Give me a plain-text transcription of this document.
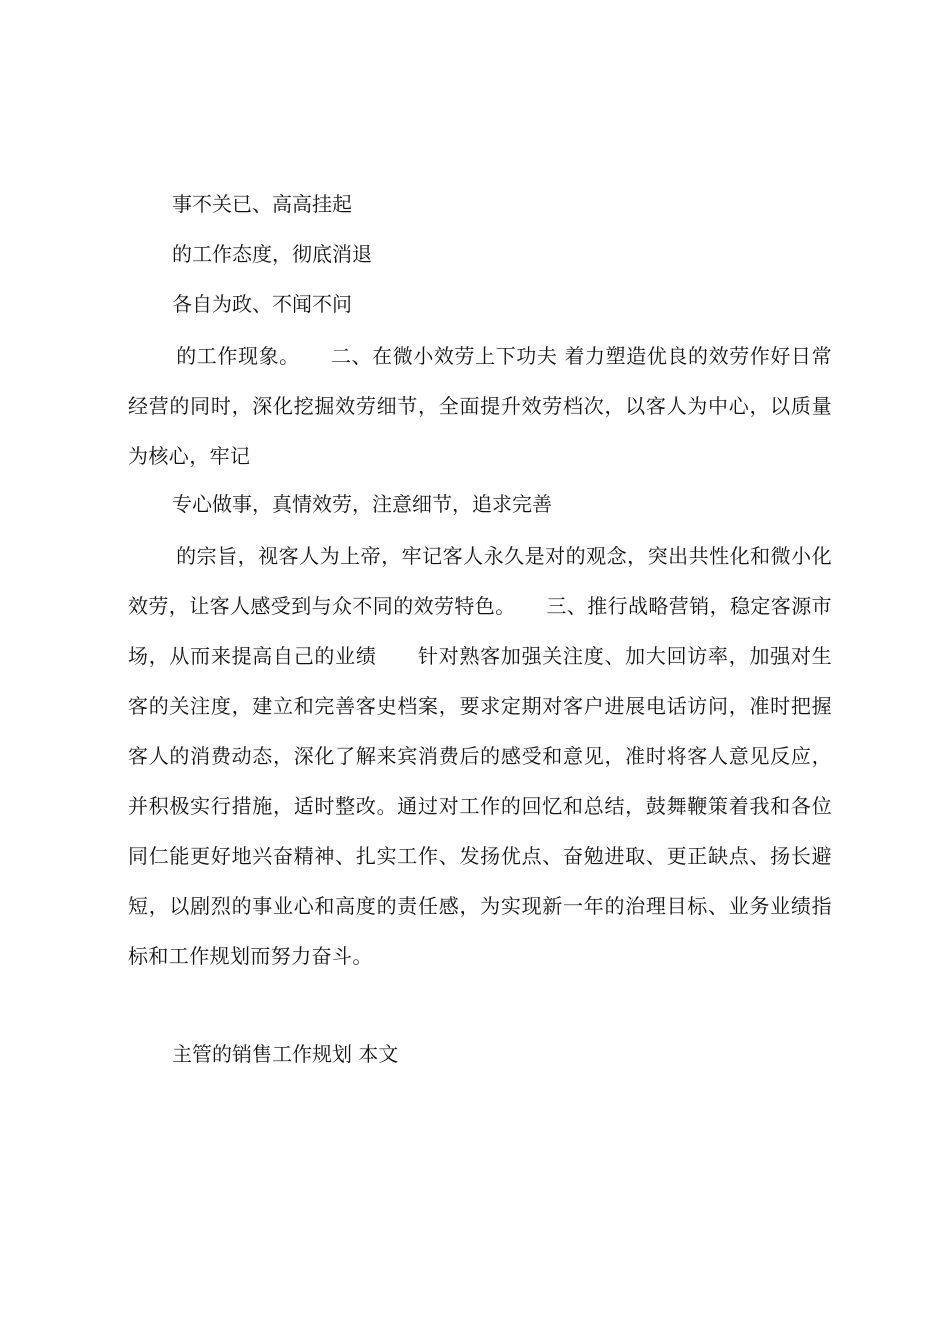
事不关已、高高挂起
的工作态度，彻底消退
各自为政、不闻不问
的工作现象。　　二、在微小效劳上下功夫 着力塑造优良的效劳作好日常经营的同时，深化挖掘效劳细节，全面提升效劳档次，以客人为中心，以质量为核心，牢记
专心做事，真情效劳，注意细节，追求完善
的宗旨，视客人为上帝，牢记客人永久是对的观念，突出共性化和微小化效劳，让客人感受到与众不同的效劳特色。　　三、推行战略营销，稳定客源市场，从而来提高自己的业绩　　针对熟客加强关注度、加大回访率，加强对生客的关注度，建立和完善客史档案，要求定期对客户进展电话访问，准时把握客人的消费动态，深化了解来宾消费后的感受和意见，准时将客人意见反应，并积极实行措施，适时整改。通过对工作的回忆和总结，鼓舞鞭策着我和各位同仁能更好地兴奋精神、扎实工作、发扬优点、奋勉进取、更正缺点、扬长避短，以剧烈的事业心和高度的责任感，为实现新一年的治理目标、业务业绩指标和工作规划而努力奋斗。
主管的销售工作规划 本文
